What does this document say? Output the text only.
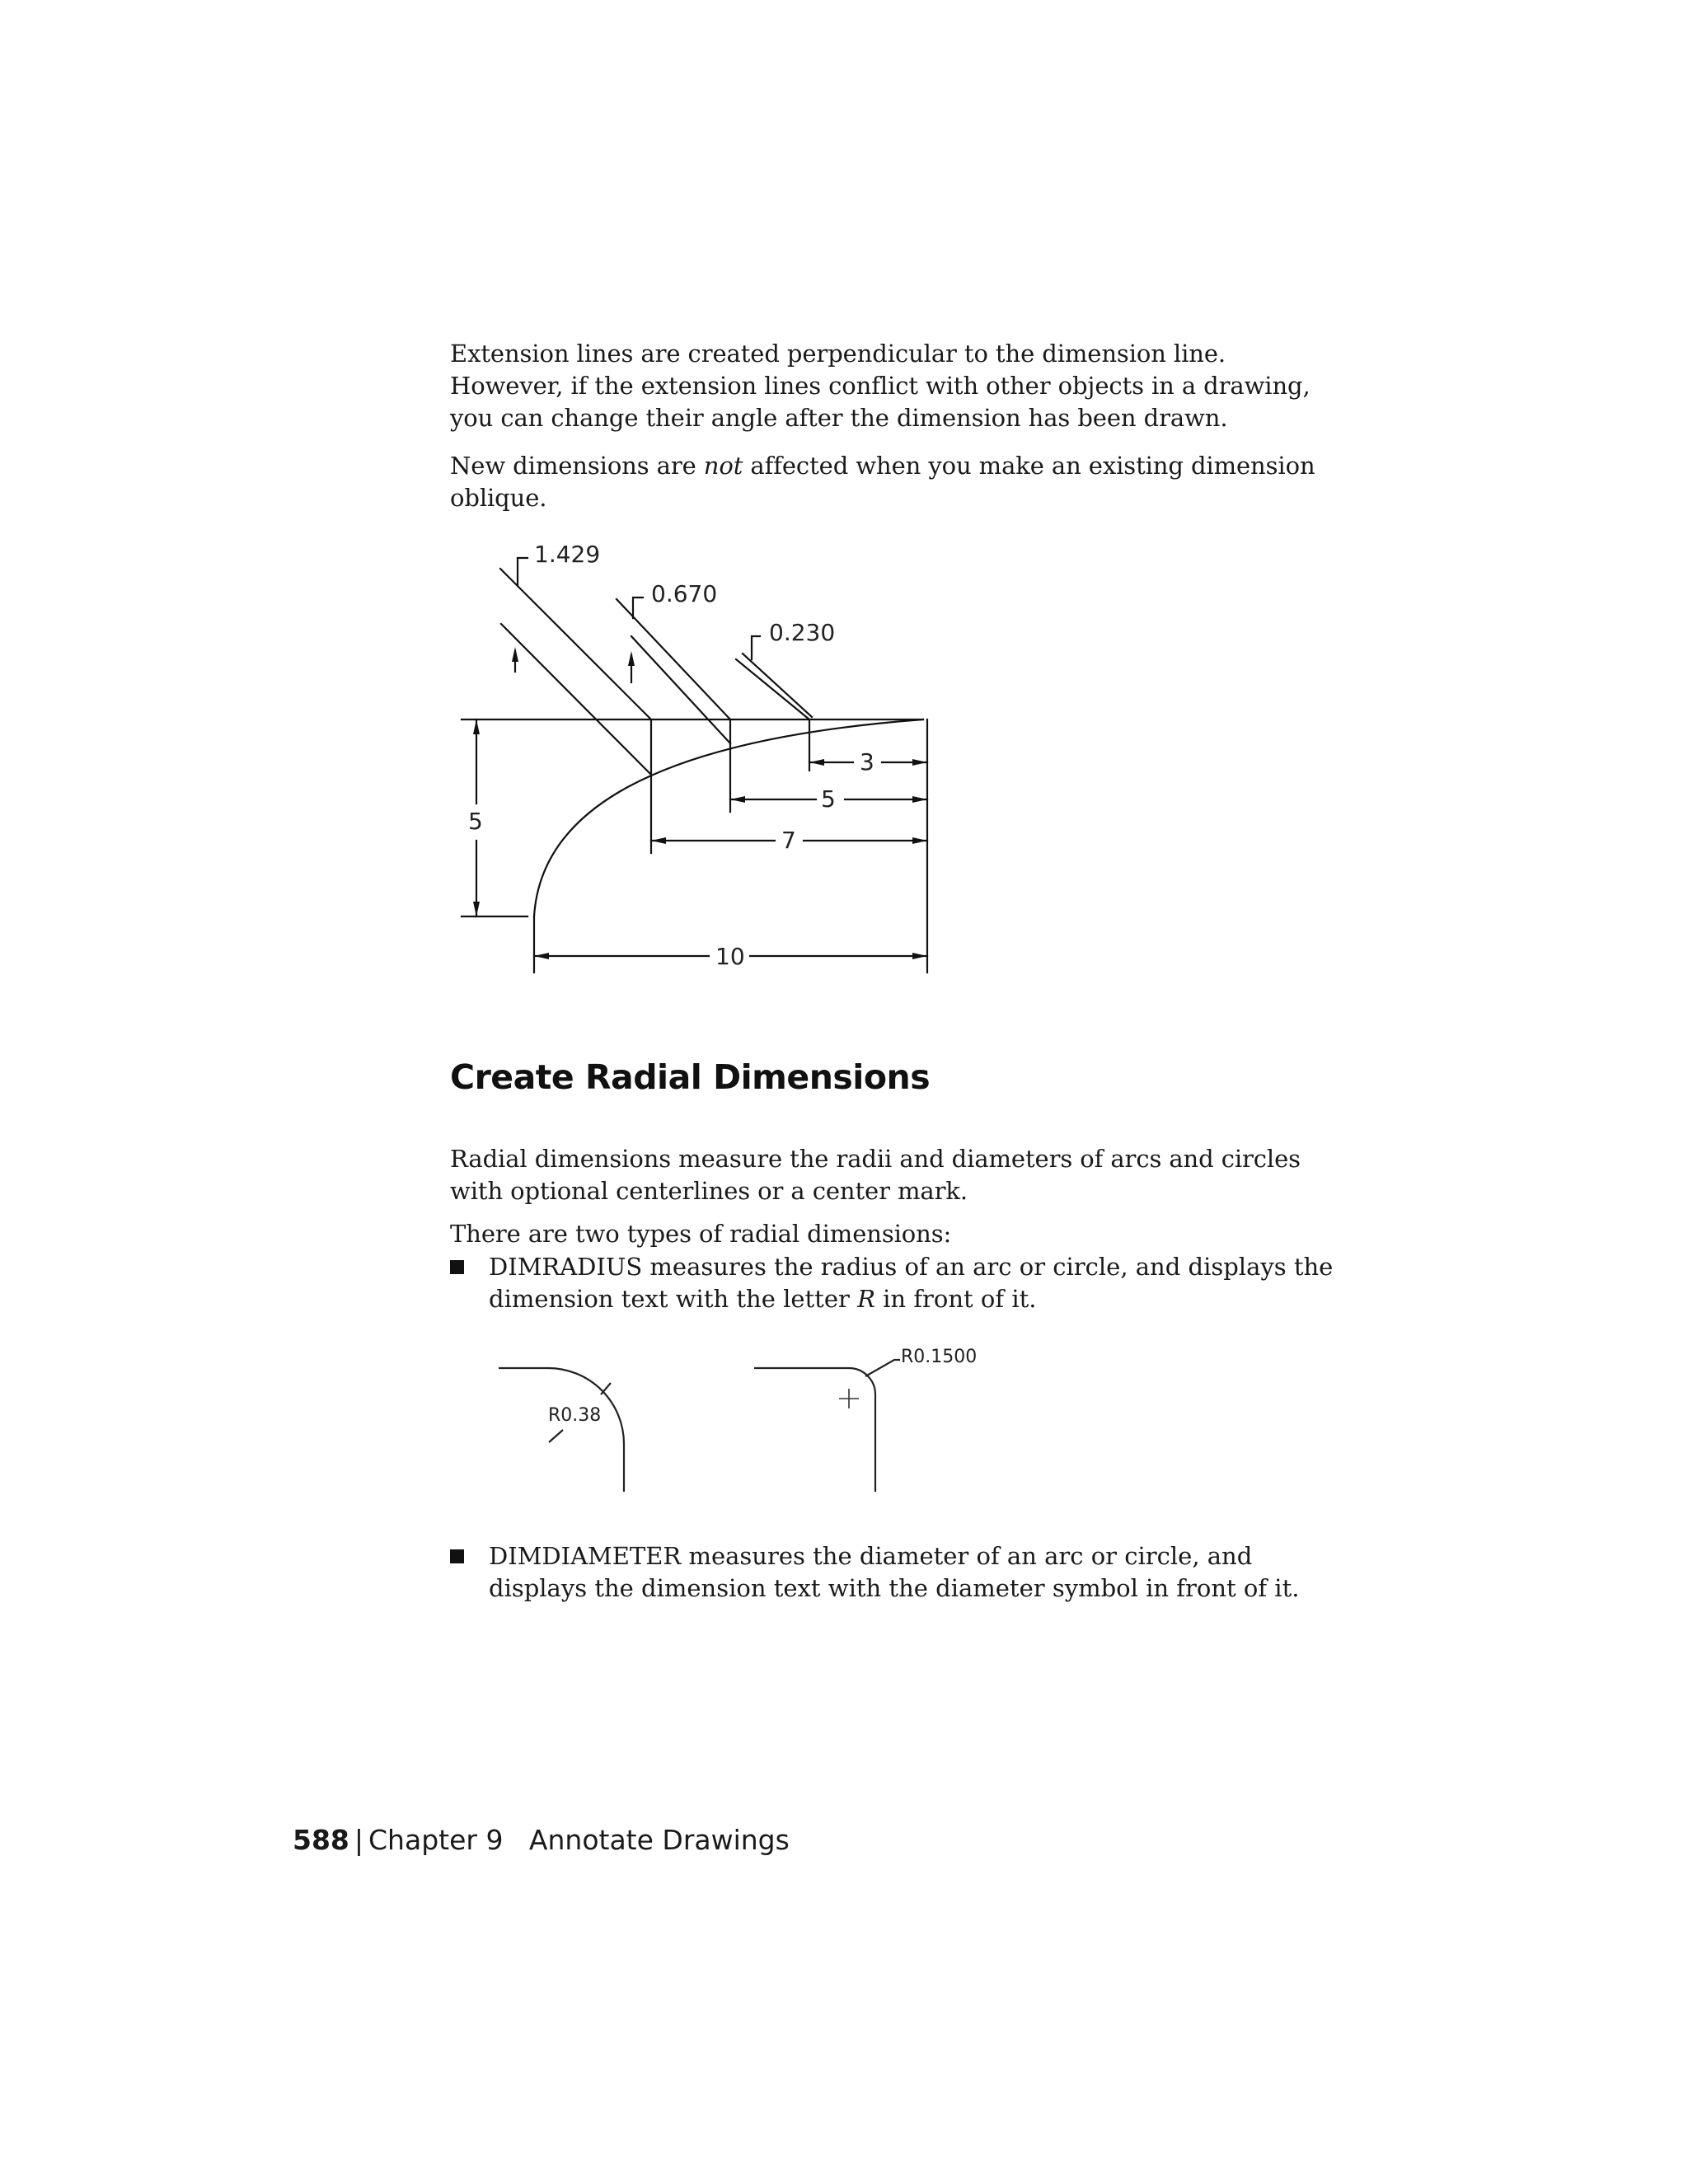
Extension lines are created perpendicular to the dimension line. However, if the extension lines conflict with other objects in a drawing, you can change their angle after the dimension has been drawn.

New dimensions are not affected when you make an existing dimension oblique.

1.429
0.670
0.230
3
5
7
10
5
Create Radial Dimensions

Radial dimensions measure the radii and diameters of arcs and circles with optional centerlines or a center mark.

There are two types of radial dimensions:

DIMRADIUS measures the radius of an arc or circle, and displays the dimension text with the letter R in front of it.
R0.38
R0.1500
DIMDIAMETER measures the diameter of an arc or circle, and displays the dimension text with the diameter symbol in front of it.
588 | Chapter 9 Annotate Drawings
